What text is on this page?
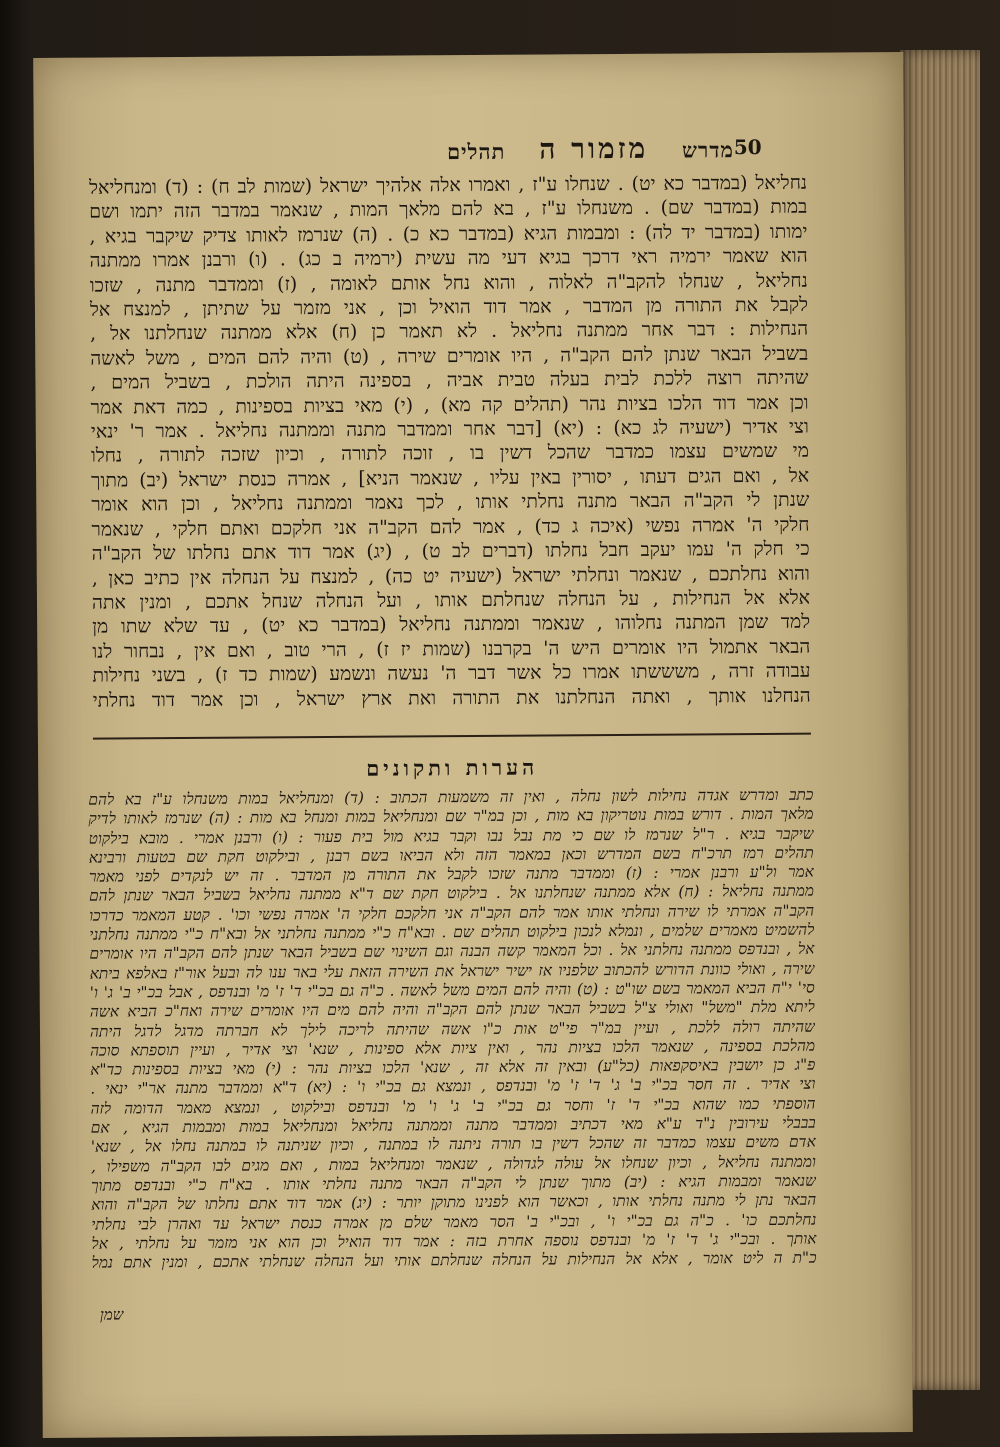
מדרש
מזמור ה
תהלים	50
נחליאל (במדבר כא יט) . שנחלו ע"ז , ואמרו אלה אלהיך ישראל (שמות לב ח) : (ד) ומנחליאל
במות (במדבר שם) . משנחלו ע"ז , בא להם מלאך המות , שנאמר במדבר הזה יתמו ושם
ימותו (במדבר יד לה) : ומבמות הגיא (במדבר כא כ) . (ה) שנרמז לאותו צדיק שיקבר בגיא ,
הוא שאמר ירמיה ראי דרכך בגיא דעי מה עשית (ירמיה ב כג) . (ו) ורבנן אמרו ממתנה
נחליאל , שנחלו להקב"ה לאלוה , והוא נחל אותם לאומה , (ז) וממדבר מתנה , שזכו
לקבל את התורה מן המדבר , אמר דוד הואיל וכן , אני מזמר על שתיתן , למנצח אל
הנחילות : דבר אחר ממתנה נחליאל . לא תאמר כן (ח) אלא ממתנה שנחלתנו אל ,
בשביל הבאר שנתן להם הקב"ה , היו אומרים שירה , (ט) והיה להם המים , משל לאשה
שהיתה רוצה ללכת לבית בעלה טבית אביה , בספינה היתה הולכת , בשביל המים ,
וכן אמר דוד הלכו בציות נהר (תהלים קה מא) , (י) מאי בציות בספינות , כמה דאת אמר
וצי אדיר (ישעיה לג כא) : (יא) [דבר אחר וממדבר מתנה וממתנה נחליאל . אמר ר' ינאי
מי שמשים עצמו כמדבר שהכל דשין בו , זוכה לתורה , וכיון שזכה לתורה , נחלו
אל , ואם הגים דעתו , יסורין באין עליו , שנאמר הניא] , אמרה כנסת ישראל (יב) מתוך
שנתן לי הקב"ה הבאר מתנה נחלתי אותו , לכך נאמר וממתנה נחליאל , וכן הוא אומר
חלקי ה' אמרה נפשי (איכה ג כד) , אמר להם הקב"ה אני חלקכם ואתם חלקי , שנאמר
כי חלק ה' עמו יעקב חבל נחלתו (דברים לב ט) , (יג) אמר דוד אתם נחלתו של הקב"ה
והוא נחלתכם , שנאמר ונחלתי ישראל (ישעיה יט כה) , למנצח על הנחלה אין כתיב כאן ,
אלא אל הנחילות , על הנחלה שנחלתם אותו , ועל הנחלה שנחל אתכם , ומנין אתה
למד שמן המתנה נחלוהו , שנאמר וממתנה נחליאל (במדבר כא יט) , עד שלא שתו מן
הבאר אתמול היו אומרים היש ה' בקרבנו (שמות יז ז) , הרי טוב , ואם אין , נבחור לנו
עבודה זרה , משששתו אמרו כל אשר דבר ה' נעשה ונשמע (שמות כד ז) , בשני נחילות
הנחלנו אותך , ואתה הנחלתנו את התורה ואת ארץ ישראל , וכן אמר דוד נחלתי
הערות ותקונים
כתב ומדרש אגדה נחילות לשון נחלה , ואין זה משמעות הכתוב : (ד) ומנחליאל במות משנחלו ע"ז בא להם
מלאך המות . דורש במות נוטריקון בא מות , וכן במ"ר שם ומנחליאל במות ומנחל בא מות : (ה) שנרמז לאותו לדיק
שיקבר בגיא . ר"ל שנרמז לו שם כי מת נבל נבו וקבר בגיא מול בית פעור : (ו) ורבנן אמרי . מובא בילקוט
תהלים רמז תרכ"ח בשם המדרש וכאן במאמר הזה ולא הביאו בשם רבנן , ובילקוט חקת שם בטעות ורבינא
אמר ול"ע ורבנן אמרי : (ז) וממדבר מתנה שזכו לקבל את התורה מן המדבר . זה יש לנקדים לפני מאמר
ממתנה נחליאל : (ח) אלא ממתנה שנחלתנו אל . בילקוט חקת שם ד"א ממתנה נחליאל בשביל הבאר שנתן להם
הקב"ה אמרתי לו שירה ונחלתי אותו אמר להם הקב"ה אני חלקכם חלקי ה' אמרה נפשי וכו' . קטע המאמר כדרכו
להשמיט מאמרים שלמים , ונמלא לנכון בילקוט תהלים שם . ובא"ח כ"י ממתנה נחלתני אל ובא"ח כ"י ממתנה נחלתני
אל , ובנדפס ממתנה נחלתני אל . וכל המאמר קשה הבנה וגם השינוי שם בשביל הבאר שנתן להם הקב"ה היו אומרים
שירה , ואולי כוונת הדורש להכתוב שלפניו אז ישיר ישראל את השירה הזאת עלי באר ענו לה ובעל אור"ז באלפא ביתא
סי' י"ח הביא המאמר בשם שו"ט : (ט) והיה להם המים משל לאשה . כ"ה גם בכ"י ד' ז' מ' ובנדפס , אבל בכ"י ב' ג' ו'
ליתא מלת "משל" ואולי צ"ל בשביל הבאר שנתן להם הקב"ה והיה להם מים היו אומרים שירה ואח"כ הביא אשה
שהיתה רולה ללכת , ועיין במ"ר פי"ט אות כ"ו אשה שהיתה לריכה לילך לא חברתה מדגל לדגל היתה
מהלכת בספינה , שנאמר הלכו בציות נהר , ואין ציות אלא ספינות , שנא' וצי אדיר , ועיין תוספתא סוכה
פ"ג כן יושבין באיסקפאות (כל"ע) ובאין זה אלא זה , שנא' הלכו בציות נהר : (י) מאי בציות בספינות כד"א
וצי אדיר . זה חסר בכ"י ב' ג' ד' ז' מ' ובנדפס , ונמצא גם בכ"י ו' : (יא) ד"א וממדבר מתנה אר"י ינאי .
הוספתי כמו שהוא בכ"י ד' ז' וחסר גם בכ"י ב' ג' ו' מ' ובנדפס ובילקוט , ונמצא מאמר הדומה לזה
בבבלי עירובין נ"ד ע"א מאי דכתיב וממדבר מתנה וממתנה נחליאל ומנחליאל במות ומבמות הגיא , אם
אדם משים עצמו כמדבר זה שהכל דשין בו תורה ניתנה לו במתנה , וכיון שניתנה לו במתנה נחלו אל , שנא'
וממתנה נחליאל , וכיון שנחלו אל עולה לגדולה , שנאמר ומנחליאל במות , ואם מגים לבו הקב"ה משפילו ,
שנאמר ומבמות הגיא : (יב) מתוך שנתן לי הקב"ה הבאר מתנה נחלתי אותו . בא"ח כ"י ובנדפס מתוך
הבאר נתן לי מתנה נחלתי אותו , וכאשר הוא לפנינו מתוקן יותר : (יג) אמר דוד אתם נחלתו של הקב"ה והוא
נחלתכם כו' . כ"ה גם בכ"י ו' , ובכ"י ב' הסר מאמר שלם מן אמרה כנסת ישראל עד ואהרן לבי נחלתי
אותך . ובכ"י ג' ד' ז' מ' ובנדפס נוספה אחרת בזה : אמר דוד הואיל וכן הוא אני מזמר על נחלתי , אל
כ"ת ה ליט אומר , אלא אל הנחילות על הנחלה שנחלתם אותי ועל הנחלה שנחלתי אתכם , ומנין אתם נמל
שמן
